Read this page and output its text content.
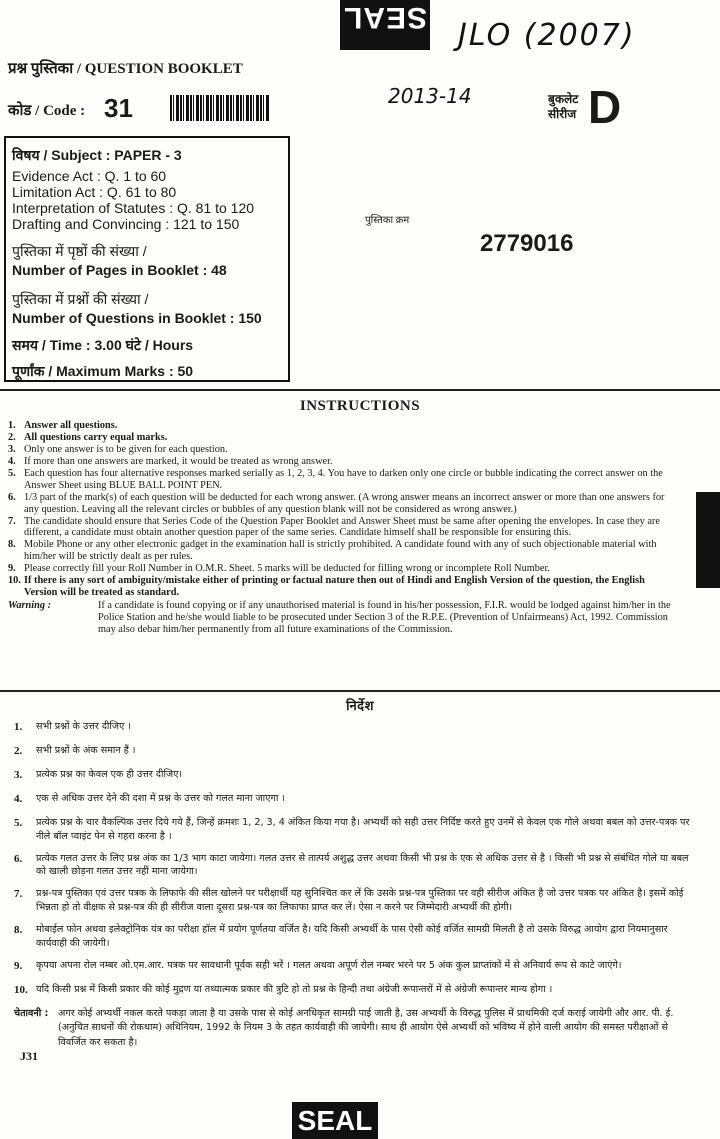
SEAL
JLO (2007)
2013-14
प्रश्न पुस्तिका / QUESTION BOOKLET
कोड / Code : 31	बुकलेट
सीरीज D
विषय / Subject : PAPER - 3
Evidence Act : Q. 1 to 60
Limitation Act : Q. 61 to 80
Interpretation of Statutes : Q. 81 to 120
Drafting and Convincing : 121 to 150
पुस्तिका में पृष्ठों की संख्या /
Number of Pages in Booklet : 48
पुस्तिका में प्रश्नों की संख्या /
Number of Questions in Booklet : 150
समय / Time : 3.00 घंटे / Hours
पूर्णांक / Maximum Marks : 50
पुस्तिका क्रम
2779016
INSTRUCTIONS
1. Answer all questions.
2. All questions carry equal marks.
3. Only one answer is to be given for each question.
4. If more than one answers are marked, it would be treated as wrong answer.
5. Each question has four alternative responses marked serially as 1, 2, 3, 4. You have to darken only one circle or bubble indicating the correct answer on the Answer Sheet using BLUE BALL POINT PEN.
6. 1/3 part of the mark(s) of each question will be deducted for each wrong answer. (A wrong answer means an incorrect answer or more than one answers for any question. Leaving all the relevant circles or bubbles of any question blank will not be considered as wrong answer.)
7. The candidate should ensure that Series Code of the Question Paper Booklet and Answer Sheet must be same after opening the envelopes. In case they are different, a candidate must obtain another question paper of the same series. Candidate himself shall be responsible for ensuring this.
8. Mobile Phone or any other electronic gadget in the examination hall is strictly prohibited. A candidate found with any of such objectionable material with him/her will be strictly dealt as per rules.
9. Please correctly fill your Roll Number in O.M.R. Sheet. 5 marks will be deducted for filling wrong or incomplete Roll Number.
10. If there is any sort of ambiguity/mistake either of printing or factual nature then out of Hindi and English Version of the question, the English Version will be treated as standard.
Warning :	If a candidate is found copying or if any unauthorised material is found in his/her possession, F.I.R. would be lodged against him/her in the Police Station and he/she would liable to be prosecuted under Section 3 of the R.P.E. (Prevention of Unfairmeans) Act, 1992. Commission may also debar him/her permanently from all future examinations of the Commission.
निर्देश
1.	सभी प्रश्नों के उत्तर दीजिए ।
2.	सभी प्रश्नों के अंक समान हैं ।
3.	प्रत्येक प्रश्न का केवल एक ही उत्तर दीजिए।
4.	एक से अधिक उत्तर देने की दशा में प्रश्न के उत्तर को गलत माना जाएगा ।
5.	प्रत्येक प्रश्न के चार वैकल्पिक उत्तर दिये गये हैं, जिन्हें क्रमशः 1, 2, 3, 4 अंकित किया गया है। अभ्यर्थी को सही उत्तर निर्दिष्ट करते हुए उनमें से केवल एक गोले अथवा बबल को उत्तर-पत्रक पर नीले बॉल प्वाइंट पेन से गहरा करना है ।
6.	प्रत्येक गलत उत्तर के लिए प्रश्न अंक का 1/3 भाग काटा जायेगा। गलत उत्तर से तात्पर्य अशुद्ध उत्तर अथवा किसी भी प्रश्न के एक से अधिक उत्तर से है । किसी भी प्रश्न से संबंधित गोले या बबल को खाली छोड़ना गलत उत्तर नहीं माना जायेगा।
7.	प्रश्न-पत्र पुस्तिका एवं उत्तर पत्रक के लिफाफे की सील खोलने पर परीक्षार्थी यह सुनिश्चित कर लें कि उसके प्रश्न-पत्र पुस्तिका पर वही सीरीज अंकित है जो उत्तर पत्रक पर अंकित है। इसमें कोई भिन्नता हो तो वीक्षक से प्रश्न-पत्र की ही सीरीज वाला दूसरा प्रश्न-पत्र का लिफाफा प्राप्त कर लें। ऐसा न करने पर जिम्मेदारी अभ्यर्थी की होगी।
8.	मोबाईल फोन अथवा इलेक्ट्रोनिक यंत्र का परीक्षा हॉल में प्रयोग पूर्णतया वर्जित है। यदि किसी अभ्यर्थी के पास ऐसी कोई वर्जित सामग्री मिलती है तो उसके विरुद्ध आयोग द्वारा नियमानुसार कार्यवाही की जायेगी।
9.	कृपया अपना रोल नम्बर ओ.एम.आर. पत्रक पर सावधानी पूर्वक सही भरें । गलत अथवा अपूर्ण रोल नम्बर भरने पर 5 अंक कुल प्राप्तांकों में से अनिवार्य रूप से काटे जाएंगे।
10. यदि किसी प्रश्न में किसी प्रकार की कोई मुद्रण या तथ्यात्मक प्रकार की त्रुटि हो तो प्रश्न के हिन्दी तथा अंग्रेजी रूपान्तरों में से अंग्रेजी रूपान्तर मान्य होगा ।
चेतावनी :	अगर कोई अभ्यर्थी नकल करते पकड़ा जाता है या उसके पास से कोई अनधिकृत सामग्री पाई जाती है, उस अभ्यर्थी के विरुद्ध पुलिस में प्राथमिकी दर्ज कराई जायेगी और आर. पी. ई. (अनुचित साधनों की रोकथाम) अधिनियम, 1992 के नियम 3 के तहत कार्यवाही की जायेगी। साथ ही आयोग ऐसे अभ्यर्थी को भविष्य में होने वाली आयोग की समस्त परीक्षाओं से विवर्जित कर सकता है।
J31
SEAL
